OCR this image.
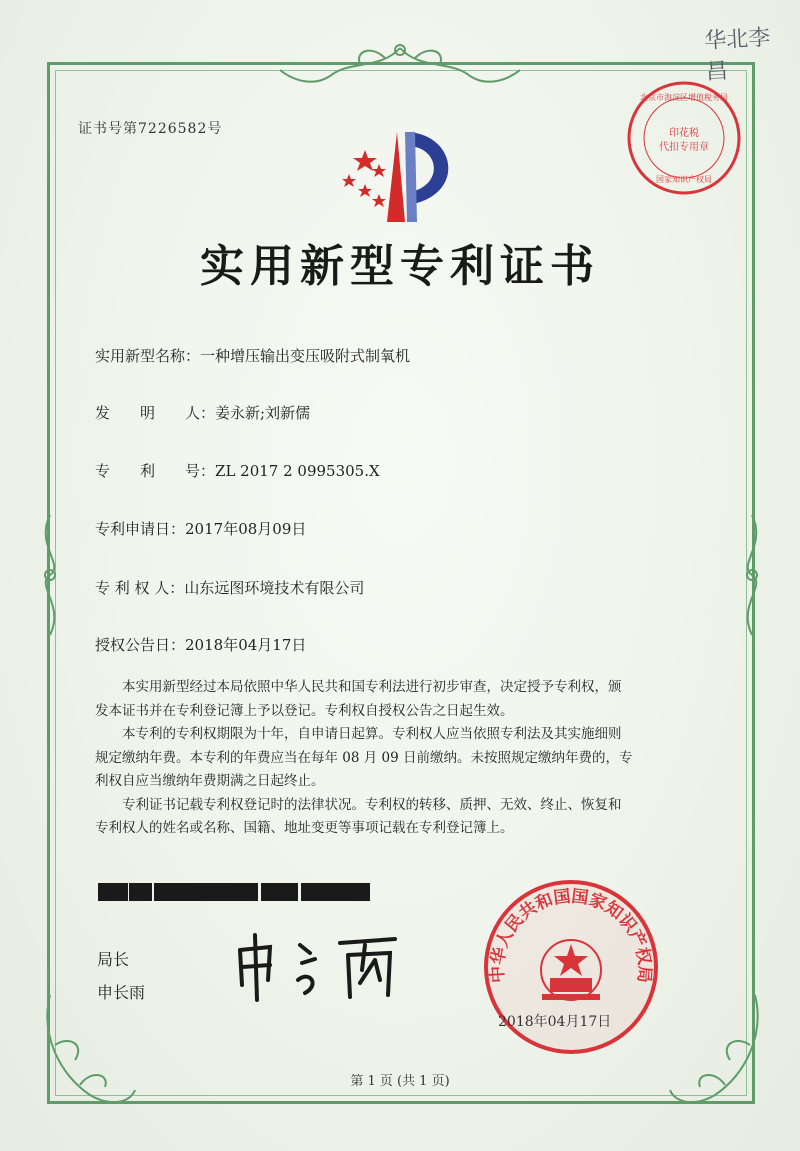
华北李昌
证书号第7226582号	印花税
代扣专用章
北京市海淀区增值税务局
国家知识产权局
实用新型专利证书
实用新型名称：一种增压输出变压吸附式制氧机
发　　明　　人：姜永新;刘新儒
专　　利　　号：ZL 2017 2 0995305.X
专利申请日：2017年08月09日
专 利 权 人：山东远图环境技术有限公司
授权公告日：2018年04月17日

　　本实用新型经过本局依照中华人民共和国专利法进行初步审查，决定授予专利权，颁

发本证书并在专利登记簿上予以登记。专利权自授权公告之日起生效。

　　本专利的专利权期限为十年，自申请日起算。专利权人应当依照专利法及其实施细则

规定缴纳年费。本专利的年费应当在每年 08 月 09 日前缴纳。未按照规定缴纳年费的，专

利权自应当缴纳年费期满之日起终止。

　　专利证书记载专利权登记时的法律状况。专利权的转移、质押、无效、终止、恢复和

专利权人的姓名或名称、国籍、地址变更等事项记载在专利登记簿上。

局长
申长雨
中华人民共和国国家知识产权局
2018年04月17日
第 1 页 (共 1 页)
